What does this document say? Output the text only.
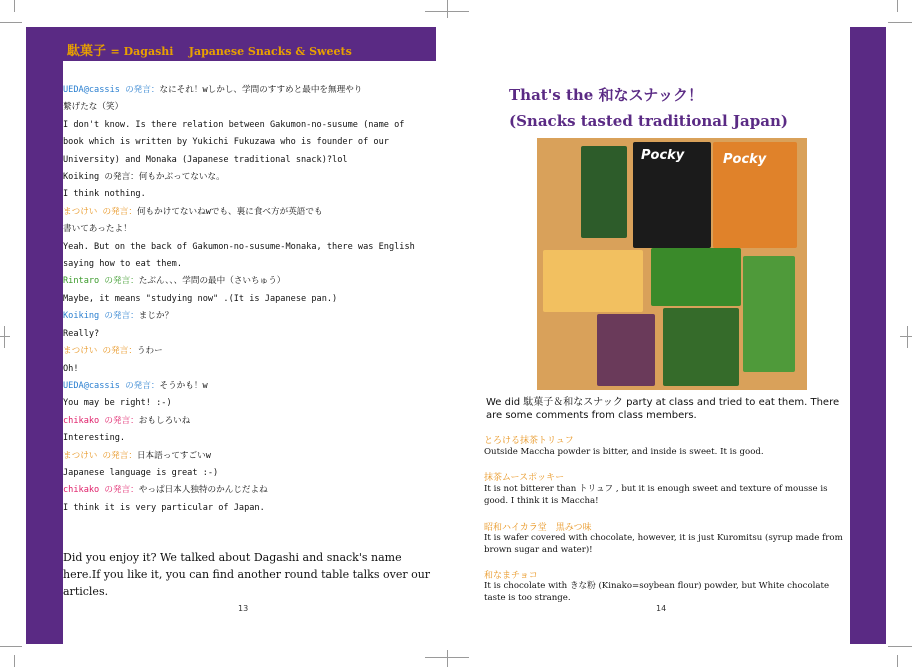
駄菓子 = Dagashi    Japanese Snacks & Sweets
UEDA@cassis の発言：なにそれ！wしかし、学問のすすめと最中を無理やり
繋げたな（笑）
I don't know. Is there relation between Gakumon-no-susume (name of
book which is written by Yukichi Fukuzawa who is founder of our
University) and Monaka (Japanese traditional snack)?lol
Koiking の発言：何もかぶってないな。
I think nothing.
まつけい の発言：何もかけてないねwでも、裏に食べ方が英語でも
書いてあったよ！
Yeah. But on the back of Gakumon-no-susume-Monaka, there was English
saying how to eat them.
Rintaro の発言：たぶん、、、学問の最中（さいちゅう）
Maybe, it means "studying now" .(It is Japanese pan.)
Koiking の発言：まじか？
Really?
まつけい の発言：うわー
Oh!
UEDA@cassis の発言：そうかも！w
You may be right! :-)
chikako の発言：おもしろいね
Interesting.
まつけい の発言：日本語ってすごいw
Japanese language is great :-)
chikako の発言：やっぱ日本人独特のかんじだよね
I think it is very particular of Japan.
Did you enjoy it? We talked about Dagashi and snack's name here.If you like it, you can find another round table talks over our articles.
13
That's the 和なスナック！
(Snacks tasted traditional Japan)
Pocky	Pocky
We did 駄菓子＆和なスナック party at class and tried to eat them. There are some comments from class members.
とろける抹茶トリュフ
Outside Maccha powder is bitter, and inside is sweet. It is good.
抹茶ムースポッキー
It is not bitterer than トリュフ , but it is enough sweet and texture of mousse is good. I think it is Maccha!
昭和ハイカラ堂　黒みつ味
It is wafer covered with chocolate, however, it is just Kuromitsu (syrup made from brown sugar and water)!
和なまチョコ
It is chocolate with きな粉 (Kinako=soybean flour) powder, but White chocolate taste is too strange.
14
